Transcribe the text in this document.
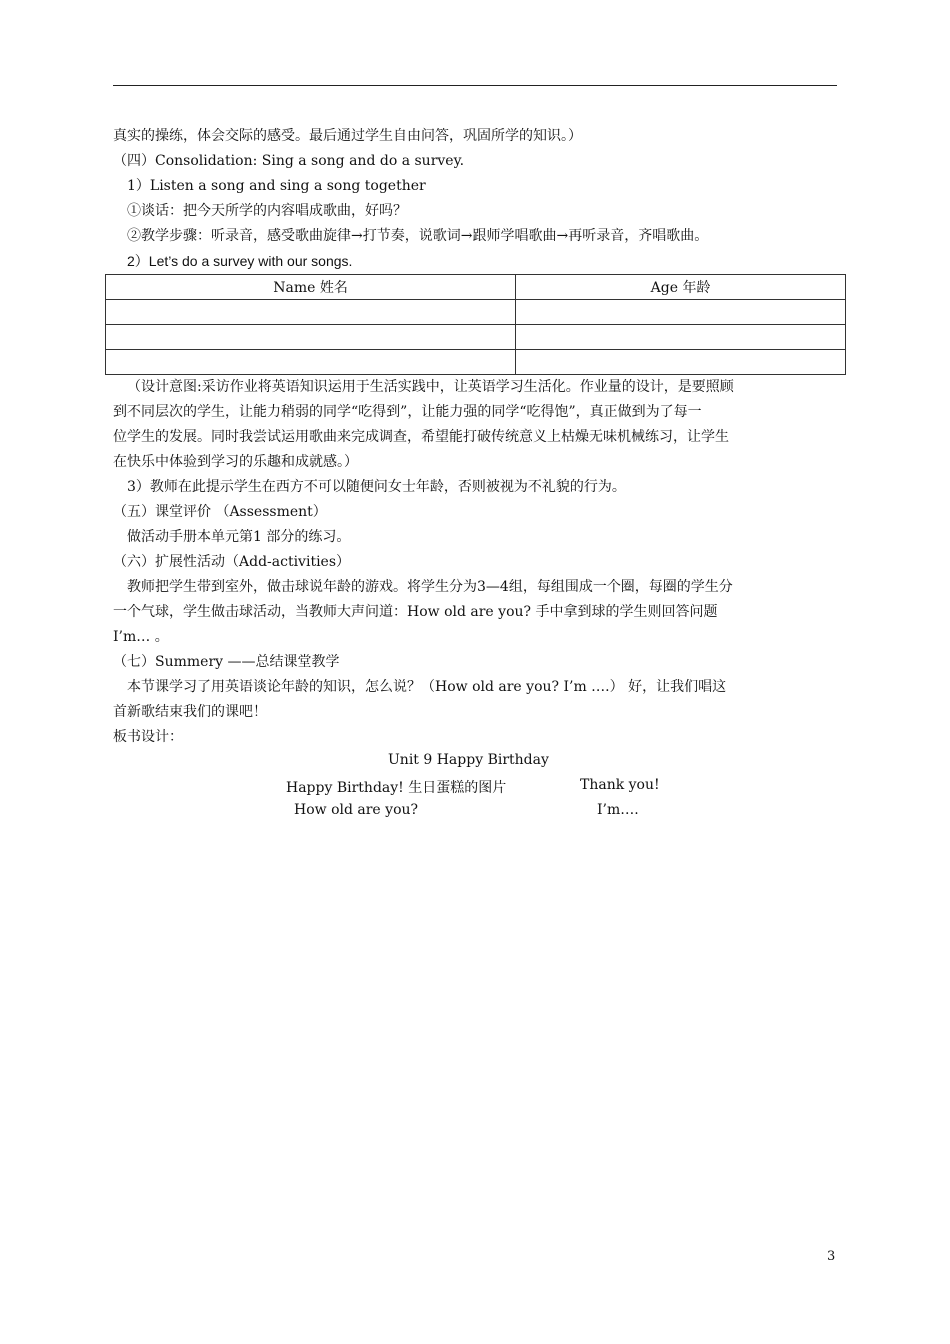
真实的操练，体会交际的感受。最后通过学生自由问答，巩固所学的知识。）
（四）Consolidation: Sing a song and do a survey.
1）Listen a song and sing a song together
①谈话：把今天所学的内容唱成歌曲，好吗？
②教学步骤：听录音，感受歌曲旋律→打节奏，说歌词→跟师学唱歌曲→再听录音，齐唱歌曲。
2）Let’s do a survey with our songs.
Name 姓名	Age 年龄

（设计意图:采访作业将英语知识运用于生活实践中，让英语学习生活化。作业量的设计，是要照顾
到不同层次的学生，让能力稍弱的同学“吃得到”，让能力强的同学“吃得饱”，真正做到为了每一
位学生的发展。同时我尝试运用歌曲来完成调查，希望能打破传统意义上枯燥无味机械练习，让学生
在快乐中体验到学习的乐趣和成就感。）
3）教师在此提示学生在西方不可以随便问女士年龄，否则被视为不礼貌的行为。
（五）课堂评价 （Assessment）
做活动手册本单元第1 部分的练习。
（六）扩展性活动（Add-activities）
教师把学生带到室外，做击球说年龄的游戏。将学生分为3—4组，每组围成一个圈，每圈的学生分
一个气球，学生做击球活动，当教师大声问道：How old are you? 手中拿到球的学生则回答问题
I’m… 。
（七）Summery ——总结课堂教学
本节课学习了用英语谈论年龄的知识，怎么说？（How old are you? I’m ….） 好，让我们唱这
首新歌结束我们的课吧！
板书设计：
Unit 9 Happy Birthday
Happy Birthday! 生日蛋糕的图片	Thank you!
How old are you?	I’m….
3
